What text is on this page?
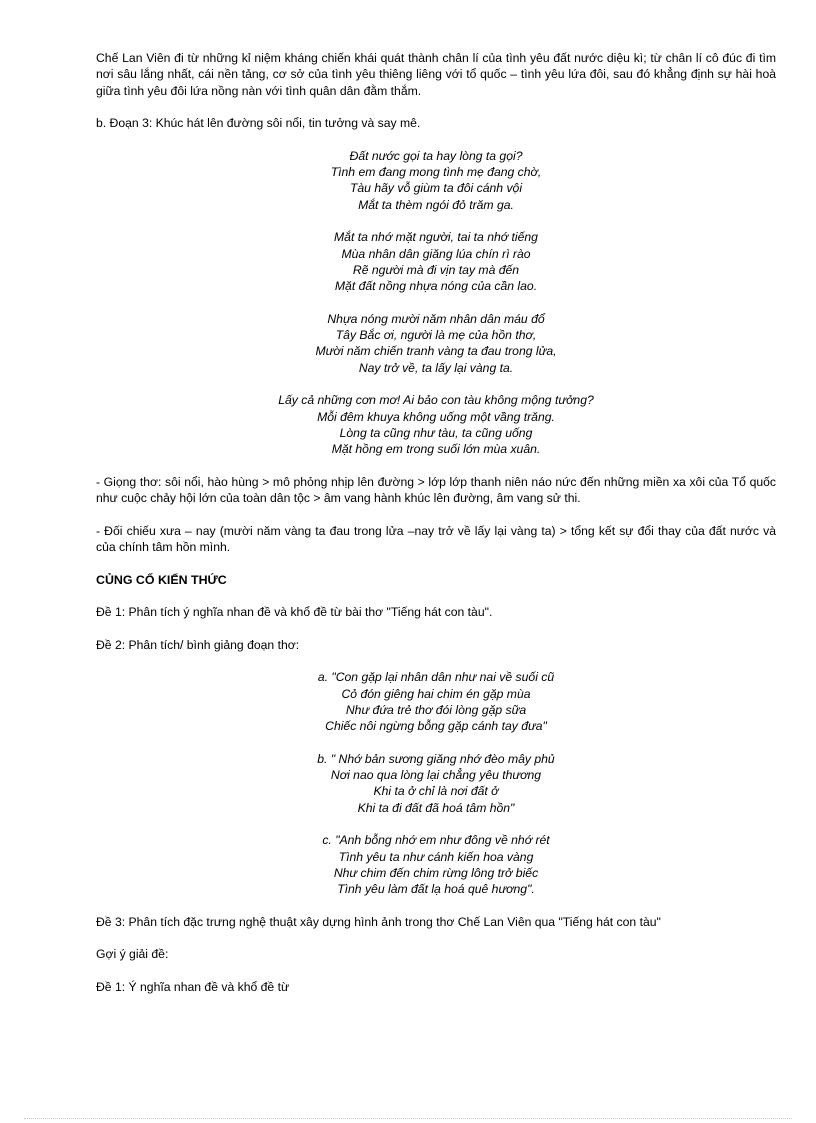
Chế Lan Viên đi từ những kỉ niệm kháng chiến khái quát thành chân lí của tình yêu đất nước diệu kì; từ chân lí cô đúc đi tìm nơi sâu lắng nhất, cái nền tảng, cơ sở của tình yêu thiêng liêng với tổ quốc – tình yêu lứa đôi, sau đó khẳng định sự hài hoà giữa tình yêu đôi lứa nồng nàn với tình quân dân đằm thắm.

b. Đoạn 3: Khúc hát lên đường sôi nổi, tin tưởng và say mê.

Đất nước gọi ta hay lòng ta gọi?
Tình em đang mong tình mẹ đang chờ,
Tàu hãy vỗ giùm ta đôi cánh vội
Mắt ta thèm ngói đỏ trăm ga.
Mắt ta nhớ mặt người, tai ta nhớ tiếng
Mùa nhân dân giăng lúa chín rì rào
Rẽ người mà đi vịn tay mà đến
Mặt đất nồng nhựa nóng của cần lao.
Nhựa nóng mười năm nhân dân máu đổ
Tây Bắc ơi, người là mẹ của hồn thơ,
Mười năm chiến tranh vàng ta đau trong lửa,
Nay trở về, ta lấy lại vàng ta.
Lấy cả những cơn mơ! Ai bảo con tàu không mộng tưởng?
Mỗi đêm khuya không uống một vầng trăng.
Lòng ta cũng như tàu, ta cũng uống
Mặt hồng em trong suối lớn mùa xuân.

- Giọng thơ: sôi nổi, hào hùng > mô phỏng nhịp lên đường > lớp lớp thanh niên náo nức đến những miền xa xôi của Tổ quốc như cuộc chảy hội lớn của toàn dân tộc > âm vang hành khúc lên đường, âm vang sử thi.

- Đối chiếu xưa – nay (mười năm vàng ta đau trong lửa –nay trở về lấy lại vàng ta) > tổng kết sự đổi thay của đất nước và của chính tâm hồn mình.

CỦNG CỐ KIẾN THỨC

Đề 1: Phân tích ý nghĩa nhan đề và khổ đề từ bài thơ "Tiếng hát con tàu".

Đề 2: Phân tích/ bình giảng đoạn thơ:

a. "Con gặp lại nhân dân như nai về suối cũ
Cỏ đón giêng hai chim én gặp mùa
Như đứa trẻ thơ đói lòng gặp sữa
Chiếc nôi ngừng bỗng gặp cánh tay đưa"
b. " Nhớ bản sương giăng nhớ đèo mây phủ
Nơi nao qua lòng lại chẳng yêu thương
Khi ta ở chỉ là nơi đất ở
Khi ta đi đất đã hoá tâm hồn"
c. "Anh bỗng nhớ em như đông về nhớ rét
Tình yêu ta như cánh kiến hoa vàng
Như chim đến chim rừng lông trở biếc
Tình yêu làm đất lạ hoá quê hương".

Đề 3: Phân tích đặc trưng nghệ thuật xây dựng hình ảnh trong thơ Chế Lan Viên qua "Tiếng hát con tàu"

Gợi ý giải đề:

Đề 1: Ý nghĩa nhan đề và khổ đề từ
